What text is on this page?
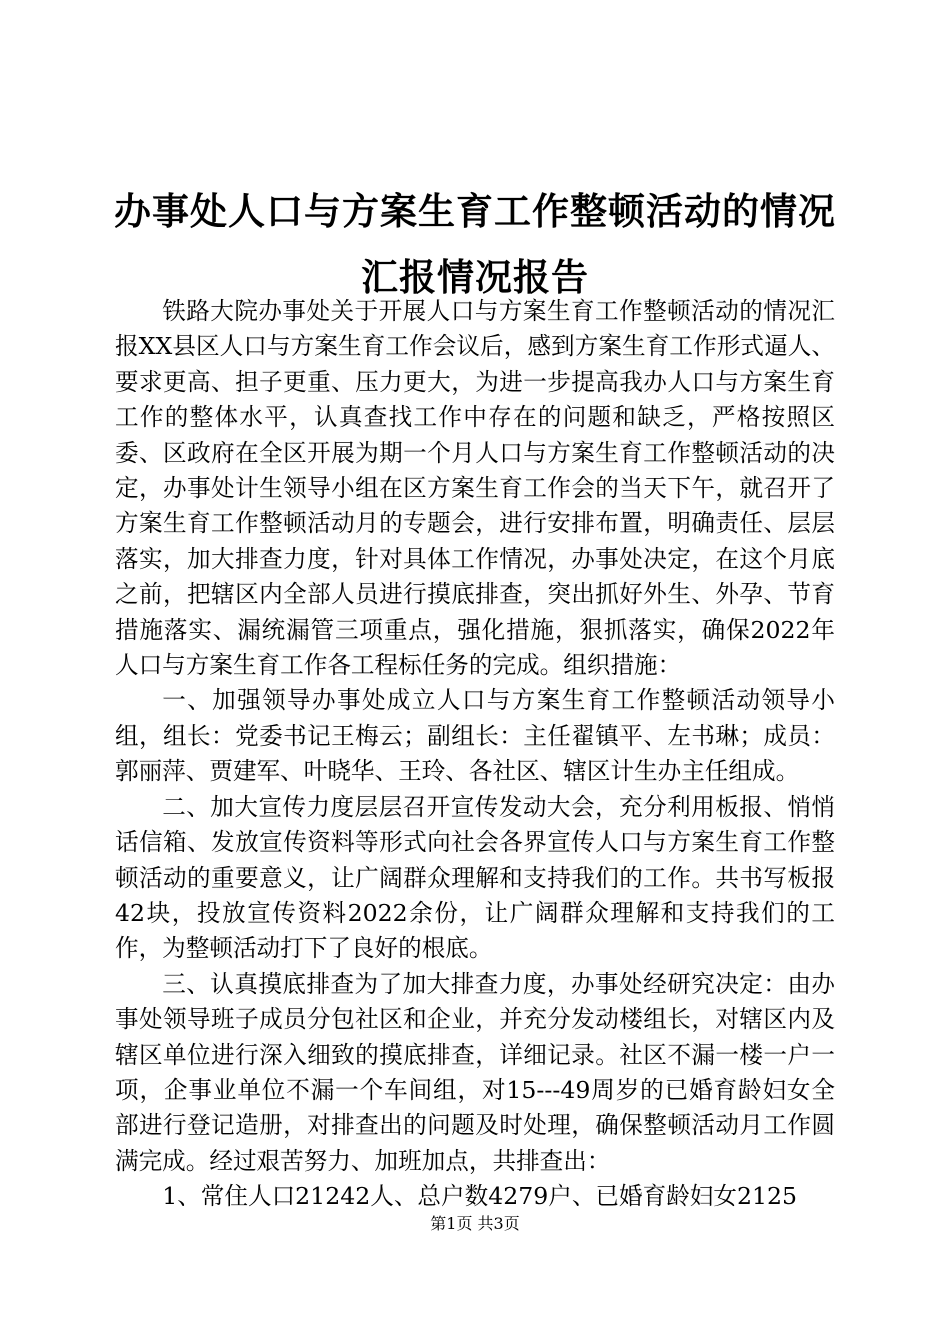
办事处人口与方案生育工作整顿活动的情况汇报情况报告

铁路大院办事处关于开展人口与方案生育工作整顿活动的情况汇报XX县区人口与方案生育工作会议后，感到方案生育工作形式逼人、要求更高、担子更重、压力更大，为进一步提高我办人口与方案生育工作的整体水平，认真查找工作中存在的问题和缺乏，严格按照区委、区政府在全区开展为期一个月人口与方案生育工作整顿活动的决定，办事处计生领导小组在区方案生育工作会的当天下午，就召开了方案生育工作整顿活动月的专题会，进行安排布置，明确责任、层层落实，加大排查力度，针对具体工作情况，办事处决定，在这个月底之前，把辖区内全部人员进行摸底排查，突出抓好外生、外孕、节育措施落实、漏统漏管三项重点，强化措施，狠抓落实，确保2022年人口与方案生育工作各工程标任务的完成。组织措施：

一、加强领导办事处成立人口与方案生育工作整顿活动领导小组，组长：党委书记王梅云；副组长：主任翟镇平、左书琳；成员：郭丽萍、贾建军、叶晓华、王玲、各社区、辖区计生办主任组成。

二、加大宣传力度层层召开宣传发动大会，充分利用板报、悄悄话信箱、发放宣传资料等形式向社会各界宣传人口与方案生育工作整顿活动的重要意义，让广阔群众理解和支持我们的工作。共书写板报42块，投放宣传资料2022余份，让广阔群众理解和支持我们的工作，为整顿活动打下了良好的根底。

三、认真摸底排查为了加大排查力度，办事处经研究决定：由办事处领导班子成员分包社区和企业，并充分发动楼组长，对辖区内及辖区单位进行深入细致的摸底排查，详细记录。社区不漏一楼一户一项，企事业单位不漏一个车间组，对15---49周岁的已婚育龄妇女全部进行登记造册，对排查出的问题及时处理，确保整顿活动月工作圆满完成。经过艰苦努力、加班加点，共排查出：

1、常住人口21242人、总户数4279户、已婚育龄妇女2125

第1页 共3页
